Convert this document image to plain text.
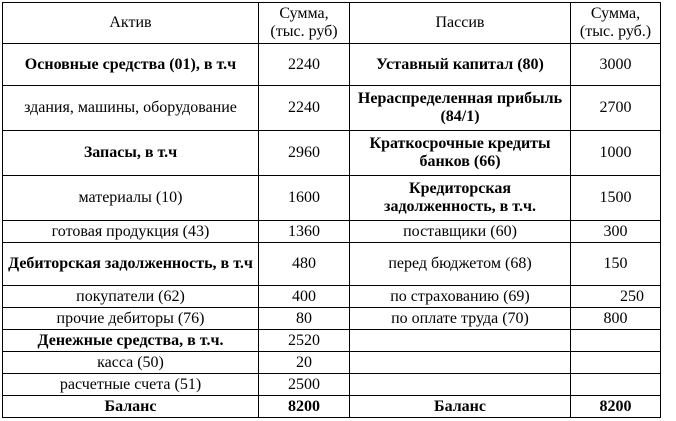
Актив	Сумма, (тыс. руб)	Пассив	Сумма, (тыс. руб.)
Основные средства (01), в т.ч	2240	Уставный капитал (80)	3000
здания, машины, оборудование	2240	Нераспределенная прибыль (84/1)	2700
Запасы, в т.ч	2960	Краткосрочные кредиты банков (66)	1000
материалы (10)	1600	Кредиторская задолженность, в т.ч.	1500
готовая продукция (43)	1360	поставщики (60)	300
Дебиторская задолженность, в т.ч	480	перед бюджетом (68)	150
покупатели (62)	400	по страхованию (69)	250
прочие дебиторы (76)	80	по оплате труда (70)	800
Денежные средства, в т.ч.	2520		
касса (50)	20		
расчетные счета (51)	2500		
Баланс	8200	Баланс	8200
